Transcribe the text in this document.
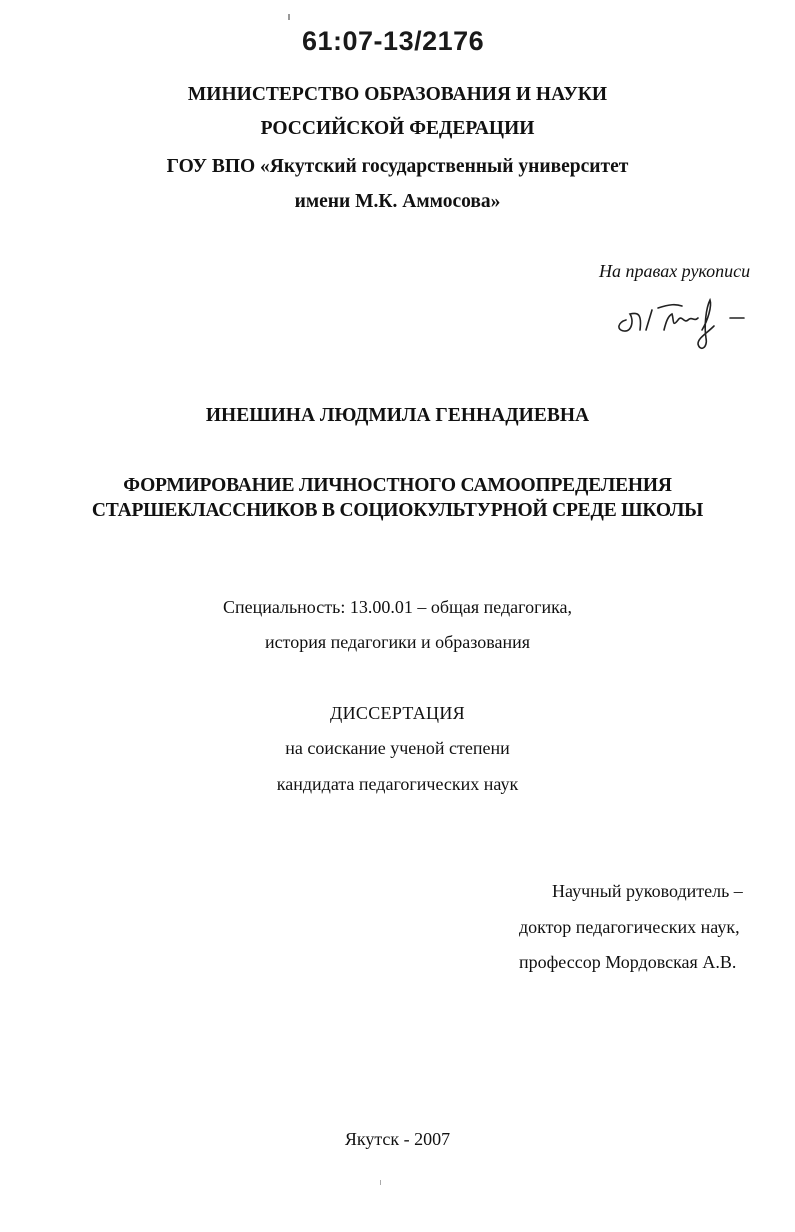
61:07-13/2176
МИНИСТЕРСТВО ОБРАЗОВАНИЯ И НАУКИ
РОССИЙСКОЙ ФЕДЕРАЦИИ
ГОУ ВПО «Якутский государственный университет
имени М.К. Аммосова»
На правах рукописи
ИНЕШИНА ЛЮДМИЛА ГЕННАДИЕВНА
ФОРМИРОВАНИЕ ЛИЧНОСТНОГО САМООПРЕДЕЛЕНИЯ
СТАРШЕКЛАССНИКОВ В СОЦИОКУЛЬТУРНОЙ СРЕДЕ ШКОЛЫ
Специальность: 13.00.01 – общая педагогика,
история педагогики и образования
ДИССЕРТАЦИЯ
на соискание ученой степени
кандидата педагогических наук
Научный руководитель –
доктор педагогических наук,
профессор Мордовская А.В.
Якутск - 2007
